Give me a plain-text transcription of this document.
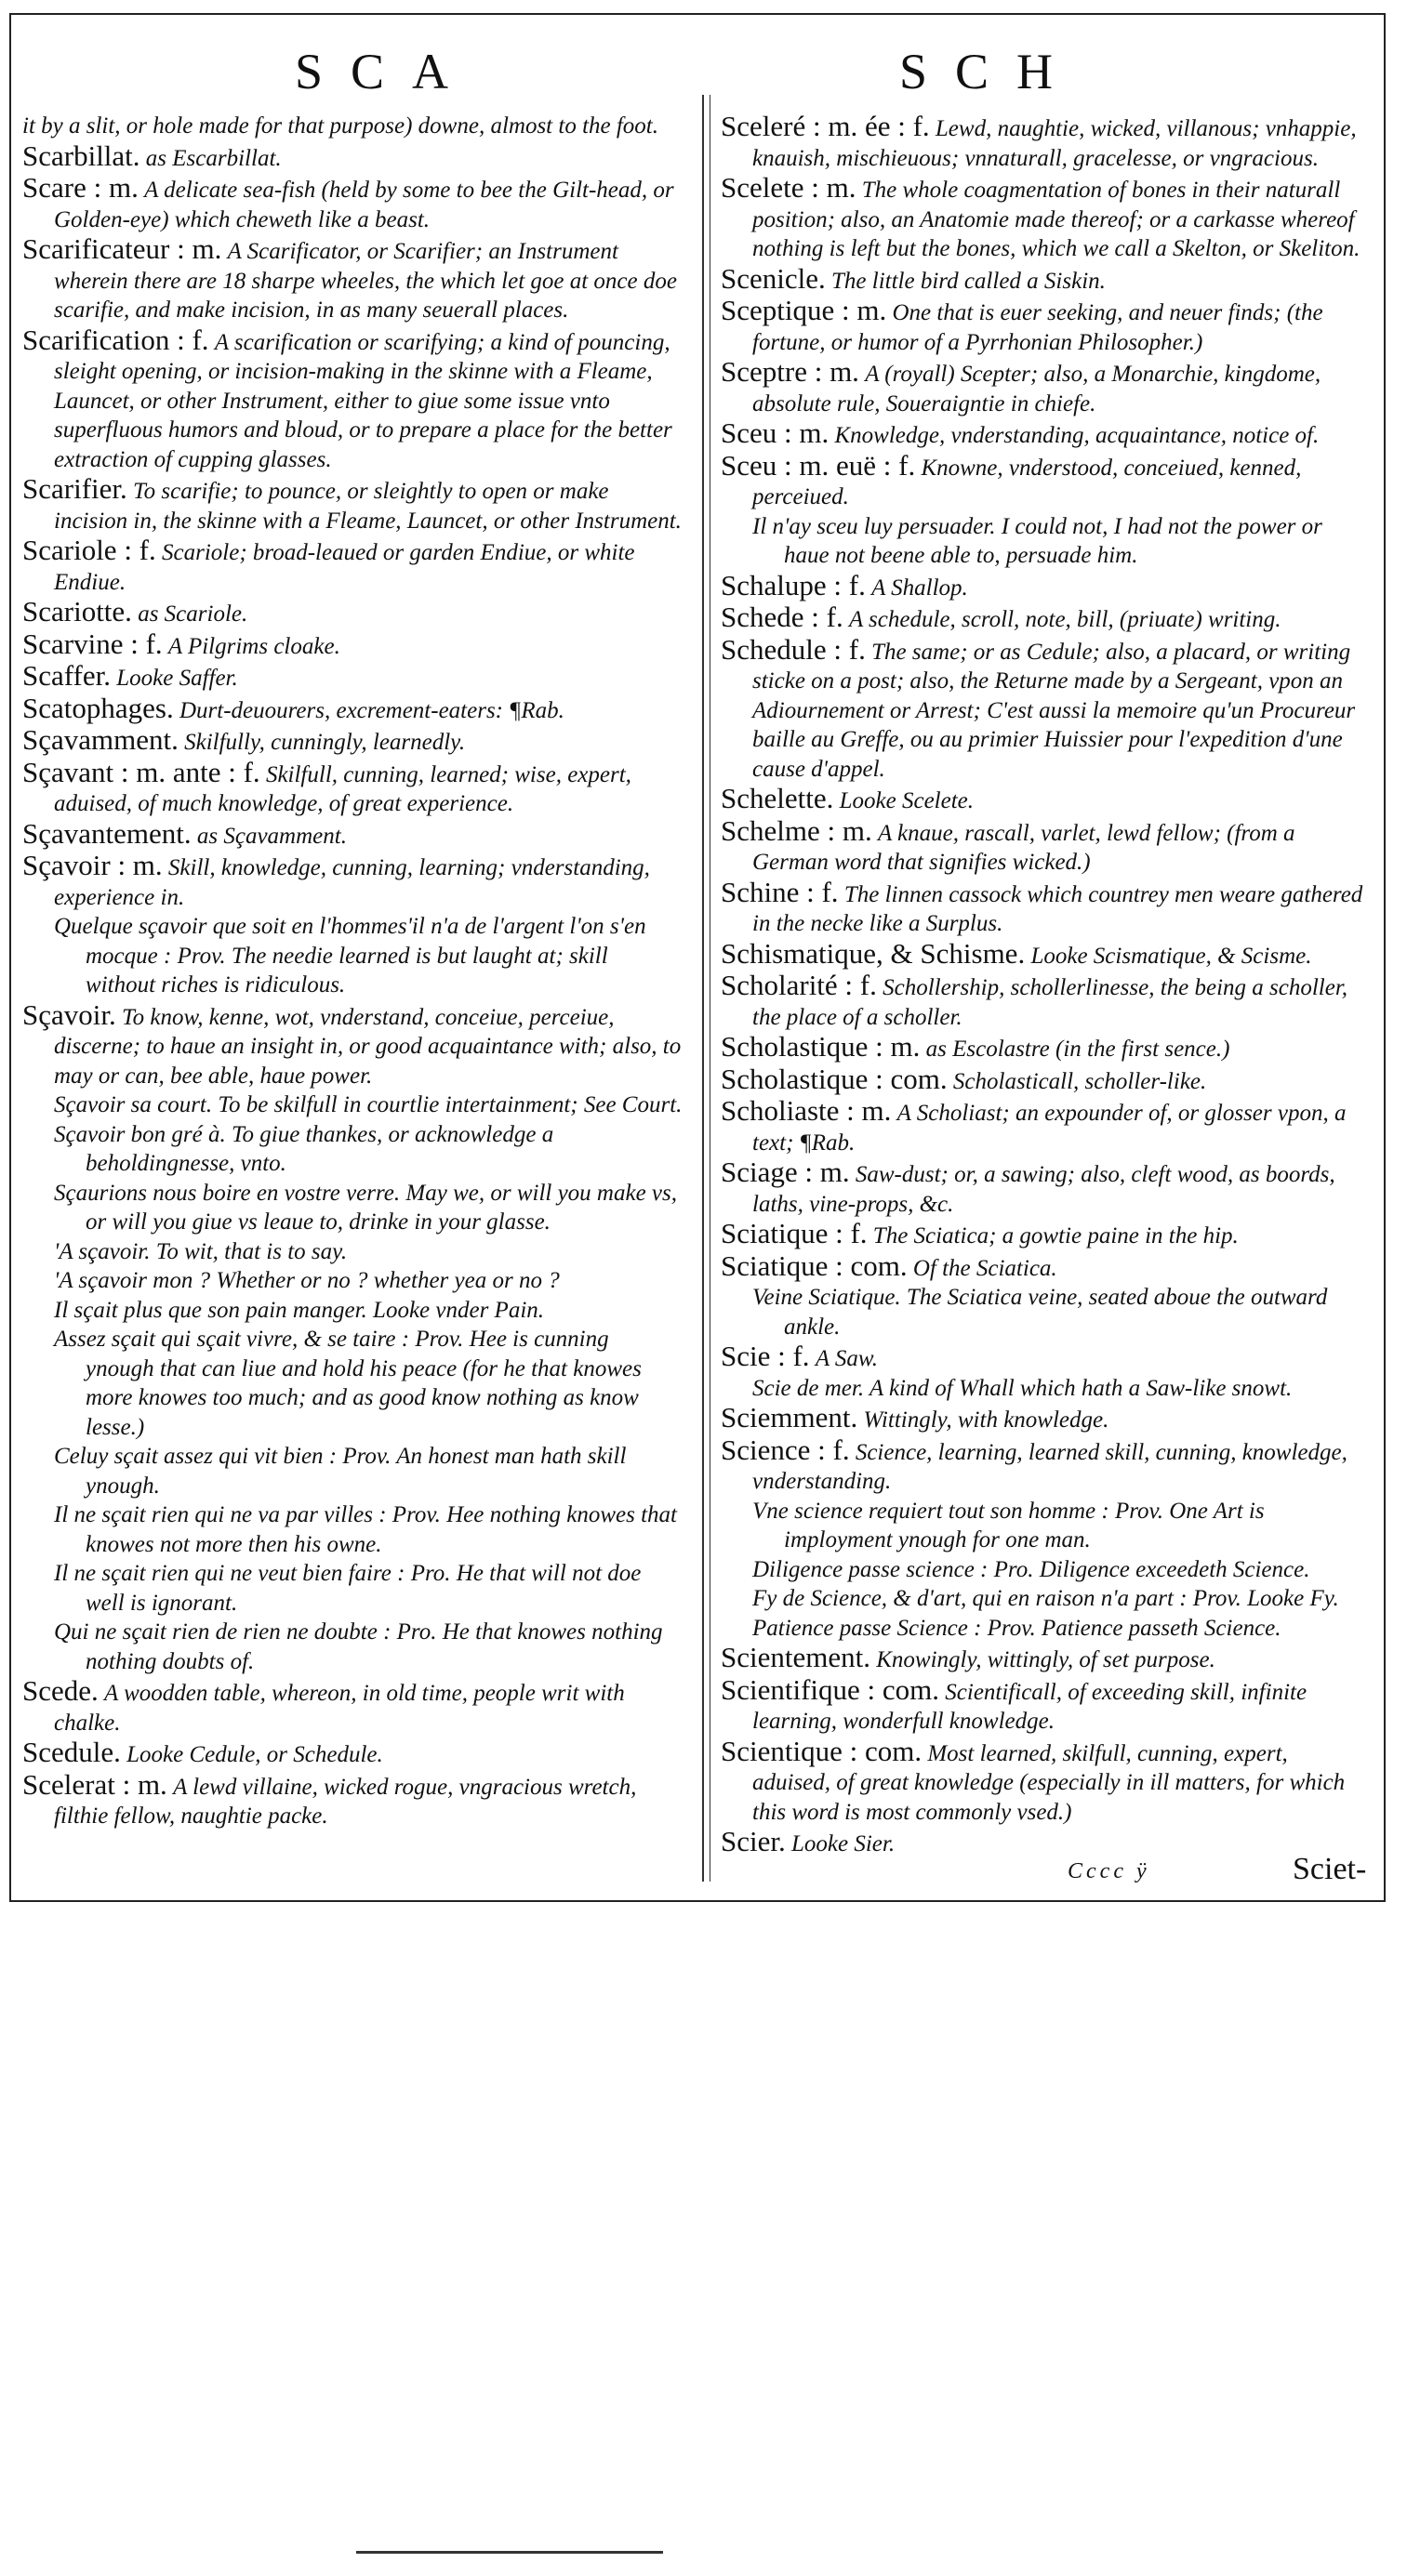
SCA	SCH

it by a slit, or hole made for that purpose) downe, almost to the foot.

Scarbillat. as Escarbillat.

Scare : m. A delicate sea-fish (held by some to bee the Gilt-head, or Golden-eye) which cheweth like a beast.

Scarificateur : m. A Scarificator, or Scarifier; an Instrument wherein there are 18 sharpe wheeles, the which let goe at once doe scarifie, and make incision, in as many seuerall places.

Scarification : f. A scarification or scarifying; a kind of pouncing, sleight opening, or incision-making in the skinne with a Fleame, Launcet, or other Instrument, either to giue some issue vnto superfluous humors and bloud, or to prepare a place for the better extraction of cupping glasses.

Scarifier. To scarifie; to pounce, or sleightly to open or make incision in, the skinne with a Fleame, Launcet, or other Instrument.

Scariole : f. Scariole; broad-leaued or garden Endiue, or white Endiue.

Scariotte. as Scariole.

Scarvine : f. A Pilgrims cloake.

Scaffer. Looke Saffer.

Scatophages. Durt-deuourers, excrement-eaters: ¶Rab.

Sçavamment. Skilfully, cunningly, learnedly.

Sçavant : m. ante : f. Skilfull, cunning, learned; wise, expert, aduised, of much knowledge, of great experience.

Sçavantement. as Sçavamment.

Sçavoir : m. Skill, knowledge, cunning, learning; vnderstanding, experience in.

Quelque sçavoir que soit en l'hommes'il n'a de l'argent l'on s'en mocque : Prov. The needie learned is but laught at; skill without riches is ridiculous.

Sçavoir. To know, kenne, wot, vnderstand, conceiue, perceiue, discerne; to haue an insight in, or good acquaintance with; also, to may or can, bee able, haue power.

Sçavoir sa court. To be skilfull in courtlie intertainment; See Court.

Sçavoir bon gré à. To giue thankes, or acknowledge a beholdingnesse, vnto.

Sçaurions nous boire en vostre verre. May we, or will you make vs, or will you giue vs leaue to, drinke in your glasse.

'A sçavoir. To wit, that is to say.

'A sçavoir mon ? Whether or no ? whether yea or no ?

Il sçait plus que son pain manger. Looke vnder Pain.

Assez sçait qui sçait vivre, & se taire : Prov. Hee is cunning ynough that can liue and hold his peace (for he that knowes more knowes too much; and as good know nothing as know lesse.)

Celuy sçait assez qui vit bien : Prov. An honest man hath skill ynough.

Il ne sçait rien qui ne va par villes : Prov. Hee nothing knowes that knowes not more then his owne.

Il ne sçait rien qui ne veut bien faire : Pro. He that will not doe well is ignorant.

Qui ne sçait rien de rien ne doubte : Pro. He that knowes nothing nothing doubts of.

Scede. A woodden table, whereon, in old time, people writ with chalke.

Scedule. Looke Cedule, or Schedule.

Scelerat : m. A lewd villaine, wicked rogue, vngracious wretch, filthie fellow, naughtie packe.

Sceleré : m. ée : f. Lewd, naughtie, wicked, villanous; vnhappie, knauish, mischieuous; vnnaturall, gracelesse, or vngracious.

Scelete : m. The whole coagmentation of bones in their naturall position; also, an Anatomie made thereof; or a carkasse whereof nothing is left but the bones, which we call a Skelton, or Skeliton.

Scenicle. The little bird called a Siskin.

Sceptique : m. One that is euer seeking, and neuer finds; (the fortune, or humor of a Pyrrhonian Philosopher.)

Sceptre : m. A (royall) Scepter; also, a Monarchie, kingdome, absolute rule, Soueraigntie in chiefe.

Sceu : m. Knowledge, vnderstanding, acquaintance, notice of.

Sceu : m. euë : f. Knowne, vnderstood, conceiued, kenned, perceiued.

Il n'ay sceu luy persuader. I could not, I had not the power or haue not beene able to, persuade him.

Schalupe : f. A Shallop.

Schede : f. A schedule, scroll, note, bill, (priuate) writing.

Schedule : f. The same; or as Cedule; also, a placard, or writing sticke on a post; also, the Returne made by a Sergeant, vpon an Adiournement or Arrest; C'est aussi la memoire qu'un Procureur baille au Greffe, ou au primier Huissier pour l'expedition d'une cause d'appel.

Schelette. Looke Scelete.

Schelme : m. A knaue, rascall, varlet, lewd fellow; (from a German word that signifies wicked.)

Schine : f. The linnen cassock which countrey men weare gathered in the necke like a Surplus.

Schismatique, & Schisme. Looke Scismatique, & Scisme.

Scholarité : f. Schollership, schollerlinesse, the being a scholler, the place of a scholler.

Scholastique : m. as Escolastre (in the first sence.)

Scholastique : com. Scholasticall, scholler-like.

Scholiaste : m. A Scholiast; an expounder of, or glosser vpon, a text; ¶Rab.

Sciage : m. Saw-dust; or, a sawing; also, cleft wood, as boords, laths, vine-props, &c.

Sciatique : f. The Sciatica; a gowtie paine in the hip.

Sciatique : com. Of the Sciatica.

Veine Sciatique. The Sciatica veine, seated aboue the outward ankle.

Scie : f. A Saw.

Scie de mer. A kind of Whall which hath a Saw-like snowt.

Sciemment. Wittingly, with knowledge.

Science : f. Science, learning, learned skill, cunning, knowledge, vnderstanding.

Vne science requiert tout son homme : Prov. One Art is imployment ynough for one man.

Diligence passe science : Pro. Diligence exceedeth Science.

Fy de Science, & d'art, qui en raison n'a part : Prov. Looke Fy.

Patience passe Science : Prov. Patience passeth Science.

Scientement. Knowingly, wittingly, of set purpose.

Scientifique : com. Scientificall, of exceeding skill, infinite learning, wonderfull knowledge.

Scientique : com. Most learned, skilfull, cunning, expert, aduised, of great knowledge (especially in ill matters, for which this word is most commonly vsed.)

Scier. Looke Sier.

Cccc ÿ	Sciet-
